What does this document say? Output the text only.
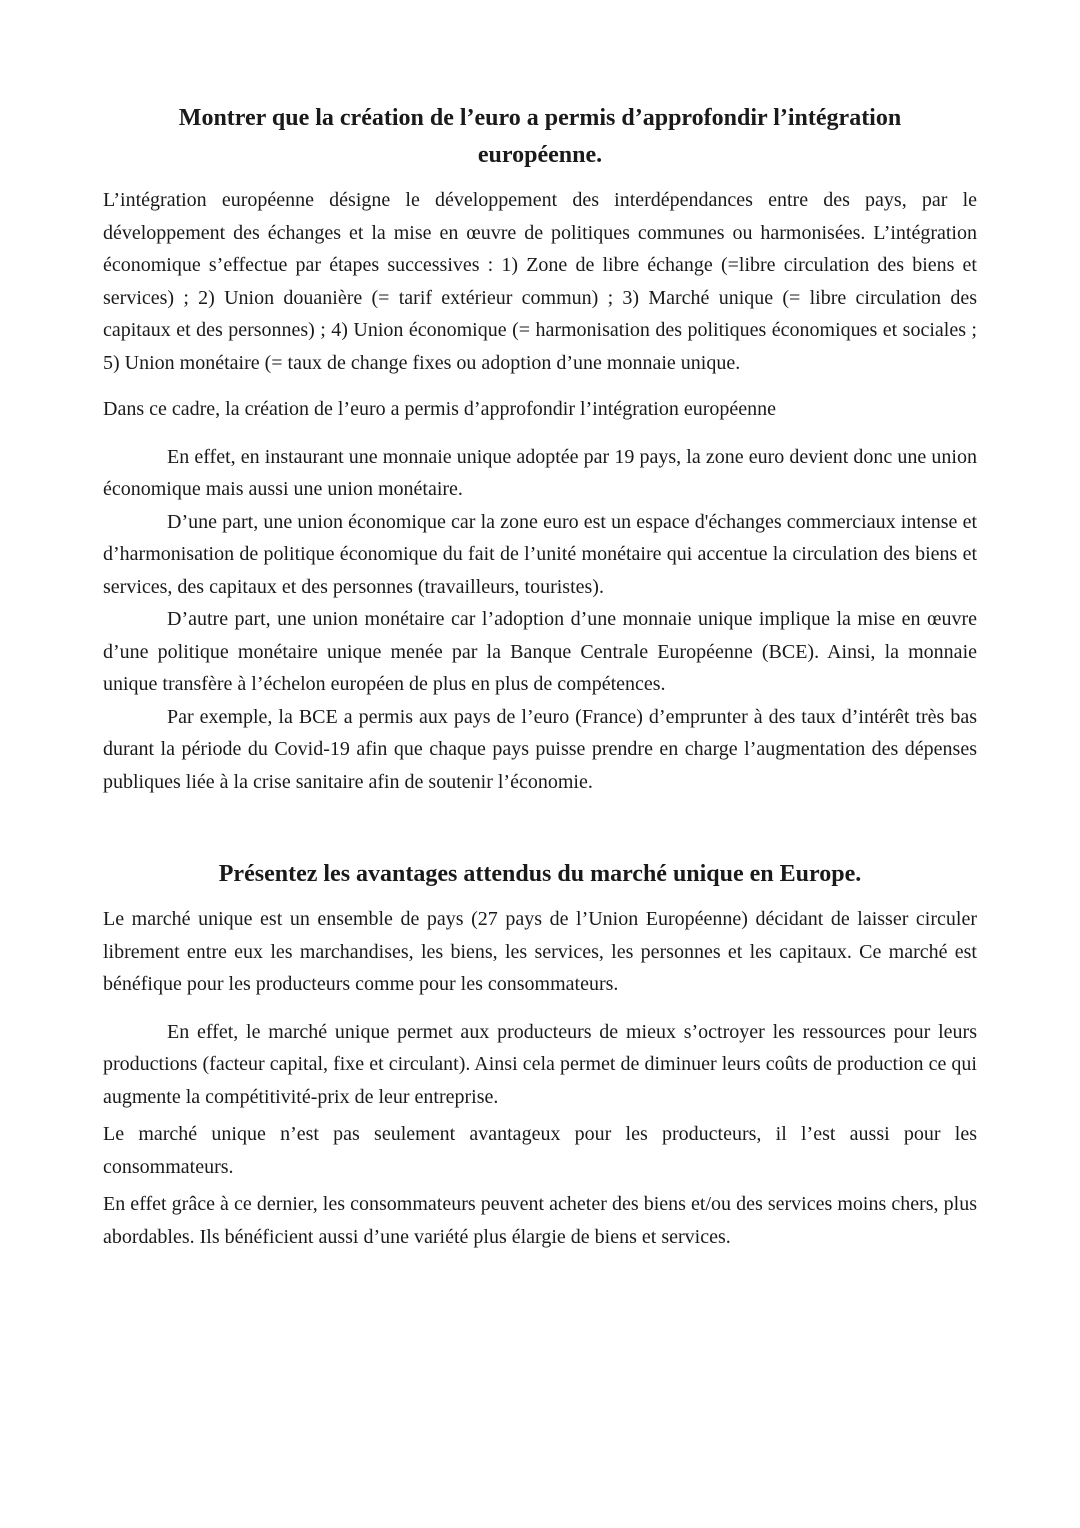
Montrer que la création de l’euro a permis d’approfondir l’intégration européenne.

L’intégration européenne désigne le développement des interdépendances entre des pays, par le développement des échanges et la mise en œuvre de politiques communes ou harmonisées. L’intégration économique s’effectue par étapes successives : 1) Zone de libre échange (=libre circulation des biens et services) ; 2) Union douanière (= tarif extérieur commun) ; 3) Marché unique (= libre circulation des capitaux et des personnes) ; 4) Union économique (= harmonisation des politiques économiques et sociales ; 5) Union monétaire (= taux de change fixes ou adoption d’une monnaie unique.

Dans ce cadre, la création de l’euro a permis d’approfondir l’intégration européenne

En effet, en instaurant une monnaie unique adoptée par 19 pays, la zone euro devient donc une union économique mais aussi une union monétaire.

D’une part, une union économique car la zone euro est un espace d'échanges commerciaux intense et d’harmonisation de politique économique du fait de l’unité monétaire qui accentue la circulation des biens et services, des capitaux et des personnes (travailleurs, touristes).

D’autre part, une union monétaire car l’adoption d’une monnaie unique implique la mise en œuvre d’une politique monétaire unique menée par la Banque Centrale Européenne (BCE). Ainsi, la monnaie unique transfère à l’échelon européen de plus en plus de compétences.

Par exemple, la BCE a permis aux pays de l’euro (France) d’emprunter à des taux d’intérêt très bas durant la période du Covid-19 afin que chaque pays puisse prendre en charge l’augmentation des dépenses publiques liée à la crise sanitaire afin de soutenir l’économie.

Présentez les avantages attendus du marché unique en Europe.

Le marché unique est un ensemble de pays (27 pays de l’Union Européenne) décidant de laisser circuler librement entre eux les marchandises, les biens, les services, les personnes et les capitaux. Ce marché est bénéfique pour les producteurs comme pour les consommateurs.

En effet, le marché unique permet aux producteurs de mieux s’octroyer les ressources pour leurs productions (facteur capital, fixe et circulant). Ainsi cela permet de diminuer leurs coûts de production ce qui augmente la compétitivité-prix de leur entreprise.

Le marché unique n’est pas seulement avantageux pour les producteurs, il l’est aussi pour les consommateurs.

En effet grâce à ce dernier, les consommateurs peuvent acheter des biens et/ou des services moins chers, plus abordables. Ils bénéficient aussi d’une variété plus élargie de biens et services.
